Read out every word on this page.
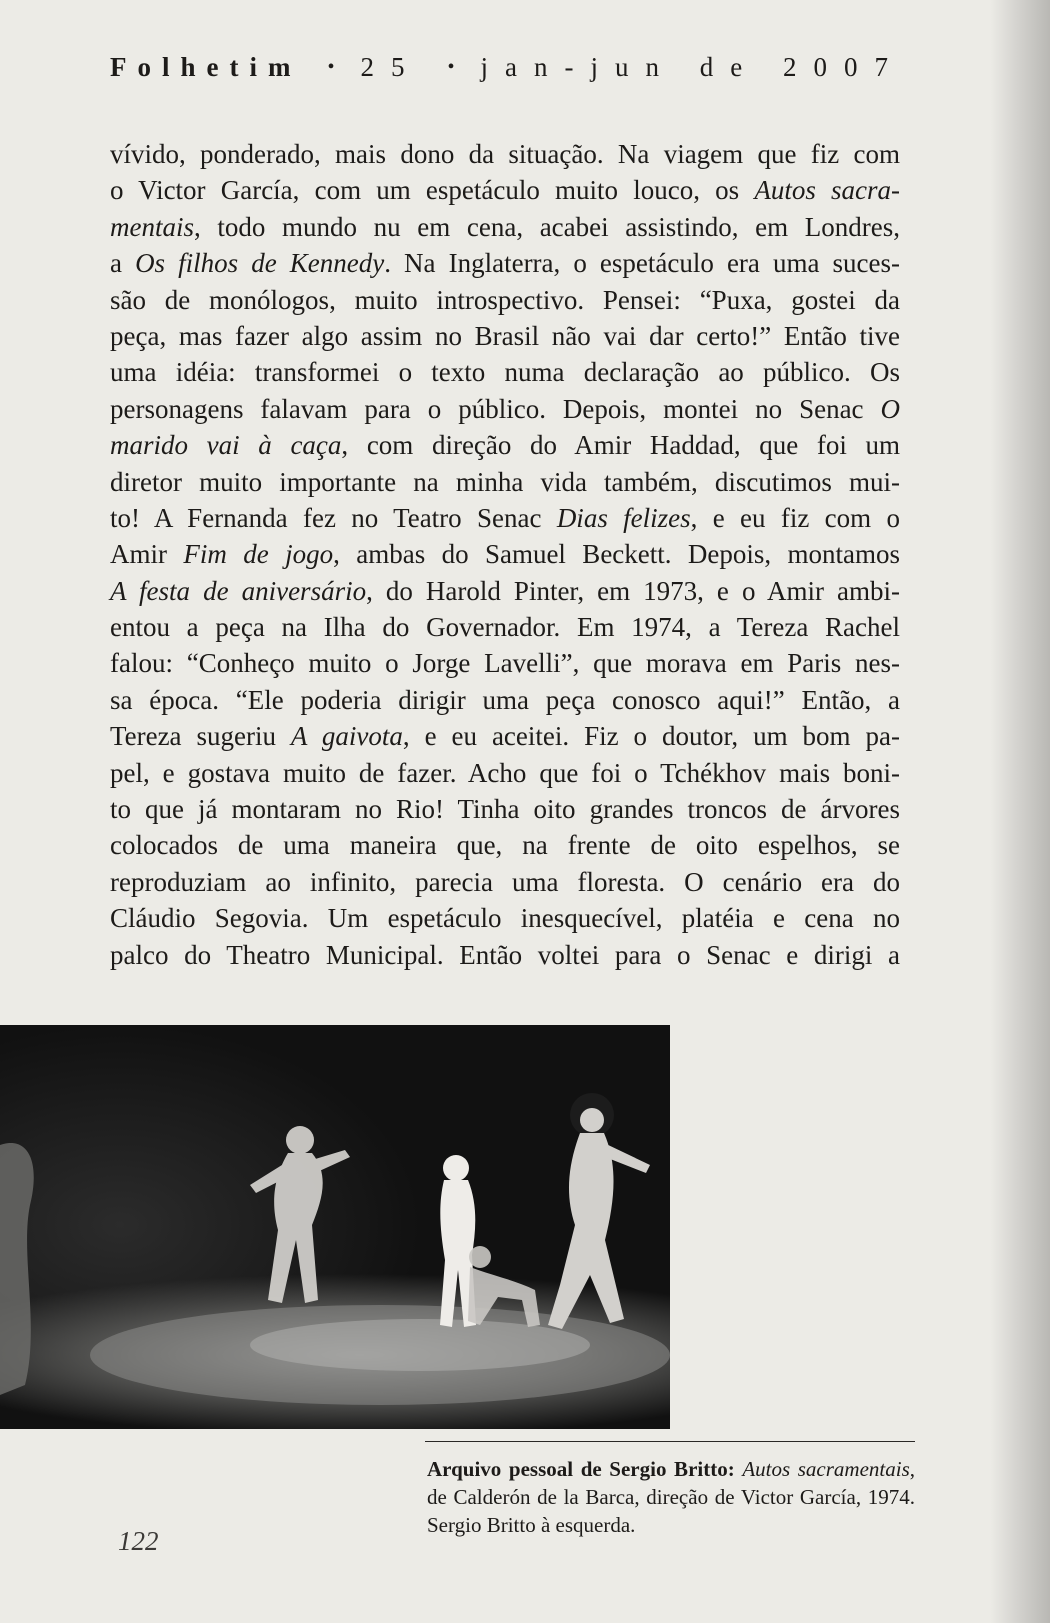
Folhetim • 25 • jan-jun de 2007
vívido, ponderado, mais dono da situação. Na viagem que fiz com
o Victor García, com um espetáculo muito louco, os Autos sacra-
mentais, todo mundo nu em cena, acabei assistindo, em Londres,
a Os filhos de Kennedy. Na Inglaterra, o espetáculo era uma suces-
são de monólogos, muito introspectivo. Pensei: “Puxa, gostei da
peça, mas fazer algo assim no Brasil não vai dar certo!” Então tive
uma idéia: transformei o texto numa declaração ao público. Os
personagens falavam para o público. Depois, montei no Senac O
marido vai à caça, com direção do Amir Haddad, que foi um
diretor muito importante na minha vida também, discutimos mui-
to! A Fernanda fez no Teatro Senac Dias felizes, e eu fiz com o
Amir Fim de jogo, ambas do Samuel Beckett. Depois, montamos
A festa de aniversário, do Harold Pinter, em 1973, e o Amir ambi-
entou a peça na Ilha do Governador. Em 1974, a Tereza Rachel
falou: “Conheço muito o Jorge Lavelli”, que morava em Paris nes-
sa época. “Ele poderia dirigir uma peça conosco aqui!” Então, a
Tereza sugeriu A gaivota, e eu aceitei. Fiz o doutor, um bom pa-
pel, e gostava muito de fazer. Acho que foi o Tchékhov mais boni-
to que já montaram no Rio! Tinha oito grandes troncos de árvores
colocados de uma maneira que, na frente de oito espelhos, se
reproduziam ao infinito, parecia uma floresta. O cenário era do
Cláudio Segovia. Um espetáculo inesquecível, platéia e cena no
palco do Theatro Municipal. Então voltei para o Senac e dirigi a

Arquivo pessoal de Sergio Britto: Autos sacramentais, de Calderón de la Barca, direção de Victor García, 1974. Sergio Britto à esquerda.

122
